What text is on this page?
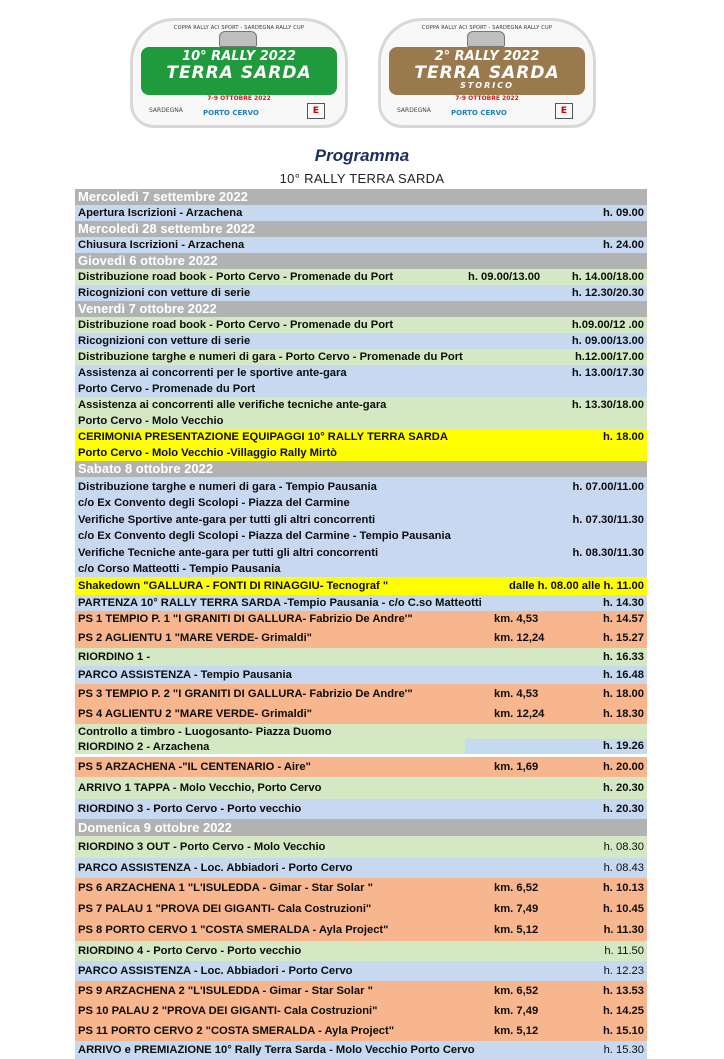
COPPA RALLY ACI SPORT - SARDEGNA RALLY CUP
10° RALLY 2022
TERRA SARDA
7-9 OTTOBRE 2022
SARDEGNA	PORTO CERVO	E
COPPA RALLY ACI SPORT - SARDEGNA RALLY CUP
2° RALLY 2022
TERRA SARDA
STORICO
7-9 OTTOBRE 2022
SARDEGNA	PORTO CERVO	E
Programma
10° RALLY TERRA SARDA
Mercoledì 7 settembre 2022
Apertura Iscrizioni - Arzachena	h. 09.00
Mercoledì 28 settembre 2022
Chiusura Iscrizioni - Arzachena	h. 24.00
Giovedì 6 ottobre 2022
Distribuzione road book - Porto Cervo - Promenade du Port	h. 09.00/13.00	h. 14.00/18.00
Ricognizioni con vetture di serie	h. 12.30/20.30
Venerdì 7 ottobre 2022
Distribuzione road book - Porto Cervo - Promenade du Port	h.09.00/12 .00
Ricognizioni con vetture di serie	h. 09.00/13.00
Distribuzione targhe e numeri di gara - Porto Cervo - Promenade du Port	h.12.00/17.00
Assistenza ai concorrenti per le sportive ante-gara
Porto Cervo - Promenade du Port
h. 13.00/17.30
Assistenza ai concorrenti alle verifiche tecniche ante-gara
Porto Cervo - Molo Vecchio
h. 13.30/18.00
CERIMONIA PRESENTAZIONE EQUIPAGGI 10° RALLY TERRA SARDA
Porto Cervo - Molo Vecchio -Villaggio Rally Mirtò
h. 18.00
Sabato 8 ottobre 2022
Distribuzione targhe e numeri di gara - Tempio Pausania
c/o Ex Convento degli Scolopi - Piazza del Carmine
h. 07.00/11.00
Verifiche Sportive ante-gara per tutti gli altri concorrenti
c/o Ex Convento degli Scolopi - Piazza del Carmine - Tempio Pausania
h. 07.30/11.30
Verifiche Tecniche ante-gara per tutti gli altri concorrenti
c/o Corso Matteotti - Tempio Pausania
h. 08.30/11.30
Shakedown "GALLURA - FONTI DI RINAGGIU- Tecnograf "	dalle h. 08.00 alle h. 11.00
PARTENZA 10° RALLY TERRA SARDA -Tempio Pausania - c/o C.so Matteotti	h. 14.30
PS 1 TEMPIO P. 1 "I GRANITI DI GALLURA- Fabrizio De Andre'"	km. 4,53	h. 14.57
PS 2 AGLIENTU 1 "MARE VERDE- Grimaldi"	km. 12,24	h. 15.27
RIORDINO 1 -	h. 16.33
PARCO ASSISTENZA - Tempio Pausania	h. 16.48
PS 3 TEMPIO P. 2 "I GRANITI DI GALLURA- Fabrizio De Andre'"	km. 4,53	h. 18.00
PS 4 AGLIENTU 2 "MARE VERDE- Grimaldi"	km. 12,24	h. 18.30
Controllo a timbro - Luogosanto- Piazza Duomo
RIORDINO 2 - Arzachena	h. 19.26
PS 5 ARZACHENA -"IL CENTENARIO - Aire"	km. 1,69	h. 20.00
ARRIVO 1 TAPPA - Molo Vecchio, Porto Cervo	h. 20.30
RIORDINO 3 - Porto Cervo - Porto vecchio	h. 20.30
Domenica 9 ottobre 2022
RIORDINO 3 OUT - Porto Cervo - Molo Vecchio	h. 08.30
PARCO ASSISTENZA - Loc. Abbiadori - Porto Cervo	h. 08.43
PS 6 ARZACHENA 1 "L'ISULEDDA - Gimar - Star Solar "	km. 6,52	h. 10.13
PS 7 PALAU 1 "PROVA DEI GIGANTI- Cala Costruzioni"	km. 7,49	h. 10.45
PS 8 PORTO CERVO 1 "COSTA SMERALDA - Ayla Project"	km. 5,12	h. 11.30
RIORDINO 4 - Porto Cervo - Porto vecchio	h. 11.50
PARCO ASSISTENZA - Loc. Abbiadori - Porto Cervo	h. 12.23
PS 9 ARZACHENA 2 "L'ISULEDDA - Gimar - Star Solar "	km. 6,52	h. 13.53
PS 10 PALAU 2 "PROVA DEI GIGANTI- Cala Costruzioni"	km. 7,49	h. 14.25
PS 11 PORTO CERVO 2 "COSTA SMERALDA - Ayla Project"	km. 5,12	h. 15.10
ARRIVO e PREMIAZIONE 10° Rally Terra Sarda - Molo Vecchio Porto Cervo	h. 15.30
